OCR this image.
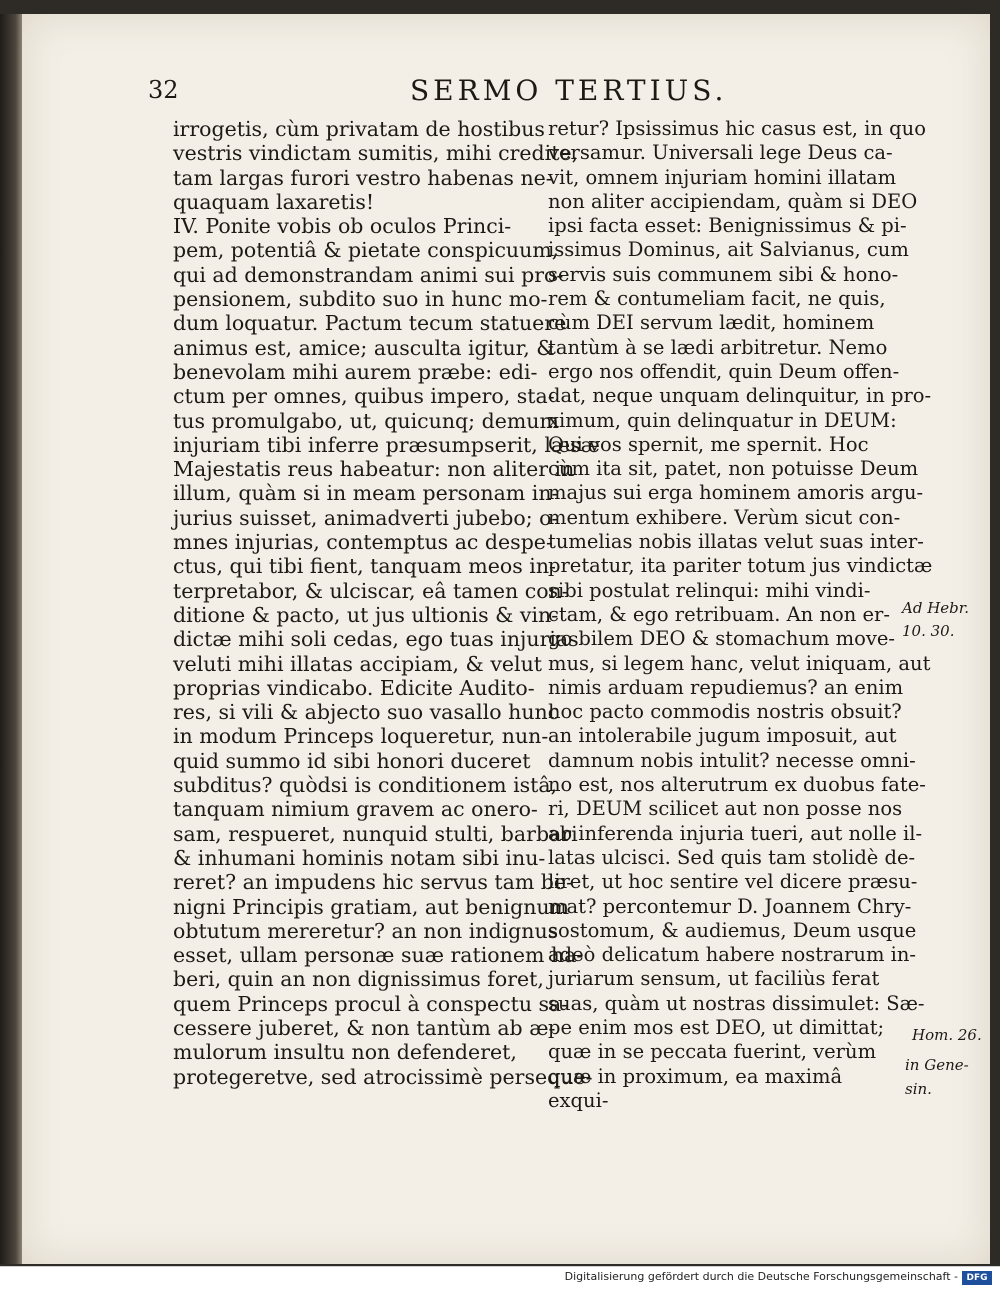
32	SERMO TERTIUS.
irrogetis, cùm privatam de hostibus
vestris vindictam sumitis, mihi credite,
tam largas furori vestro habenas ne-
quaquam laxaretis!
IV. Ponite vobis ob oculos Princi-
pem, potentiâ & pietate conspicuum,
qui ad demonstrandam animi sui pro-
pensionem, subdito suo in hunc mo-
dum loquatur. Pactum tecum statuere
animus est, amice; ausculta igitur, &
benevolam mihi aurem præbe: edi-
ctum per omnes, quibus impero, sta-
tus promulgabo, ut, quicunq; demum
injuriam tibi inferre præsumpserit, læsæ
Majestatis reus habeatur: non aliter in
illum, quàm si in meam personam in-
jurius suisset, animadverti jubebo; o-
mnes injurias, contemptus ac despe-
ctus, qui tibi fient, tanquam meos in-
terpretabor, & ulciscar, eâ tamen con-
ditione & pacto, ut jus ultionis & vin-
dictæ mihi soli cedas, ego tuas injurias
veluti mihi illatas accipiam, & velut
proprias vindicabo. Edicite Audito-
res, si vili & abjecto suo vasallo hunc
in modum Princeps loqueretur, nun-
quid summo id sibi honori duceret
subditus? quòdsi is conditionem istâ,
tanquam nimium gravem ac onero-
sam, respueret, nunquid stulti, barbari
& inhumani hominis notam sibi inu-
reret? an impudens hic servus tam be-
nigni Principis gratiam, aut benignum
obtutum mereretur? an non indignus
esset, ullam personæ suæ rationem ha-
beri, quin an non dignissimus foret,
quem Princeps procul à conspectu sa-
cessere juberet, & non tantùm ab æ-
mulorum insultu non defenderet,
protegeretve, sed atrocissimè perseque-
retur? Ipsissimus hic casus est, in quo
versamur. Universali lege Deus ca-
vit, omnem injuriam homini illatam
non aliter accipiendam, quàm si DEO
ipsi facta esset: Benignissimus & pi-
issimus Dominus, ait Salvianus, cum
servis suis communem sibi & hono-
rem & contumeliam facit, ne quis,
cùm DEI servum lædit, hominem
tantùm à se lædi arbitretur. Nemo
ergo nos offendit, quin Deum offen-
dat, neque unquam delinquitur, in pro-
ximum, quin delinquatur in DEUM:
Qui vos spernit, me spernit. Hoc
cùm ita sit, patet, non potuisse Deum
majus sui erga hominem amoris argu-
mentum exhibere. Verùm sicut con-
tumelias nobis illatas velut suas inter-
pretatur, ita pariter totum jus vindictæ
sibi postulat relinqui: mihi vindi-
ctam, & ego retribuam. An non er-
go bilem DEO & stomachum move-
mus, si legem hanc, velut iniquam, aut
nimis arduam repudiemus? an enim
hoc pacto commodis nostris obsuit?
an intolerabile jugum imposuit, aut
damnum nobis intulit? necesse omni-
no est, nos alterutrum ex duobus fate-
ri, DEUM scilicet aut non posse nos
ab inferenda injuria tueri, aut nolle il-
latas ulcisci. Sed quis tam stolidè de-
liret, ut hoc sentire vel dicere præsu-
mat? percontemur D. Joannem Chry-
sostomum, & audiemus, Deum usque
adeò delicatum habere nostrarum in-
juriarum sensum, ut faciliùs ferat
suas, quàm ut nostras dissimulet: Sæ-
pe enim mos est DEO, ut dimittat;
quæ in se peccata fuerint, verùm
quæ in proximum, ea maximâ
exqui-
Ad Hebr.
10. 30.
Hom. 26.
in Gene-
sin.
Digitalisierung gefördert durch die Deutsche Forschungsgemeinschaft - DFG
